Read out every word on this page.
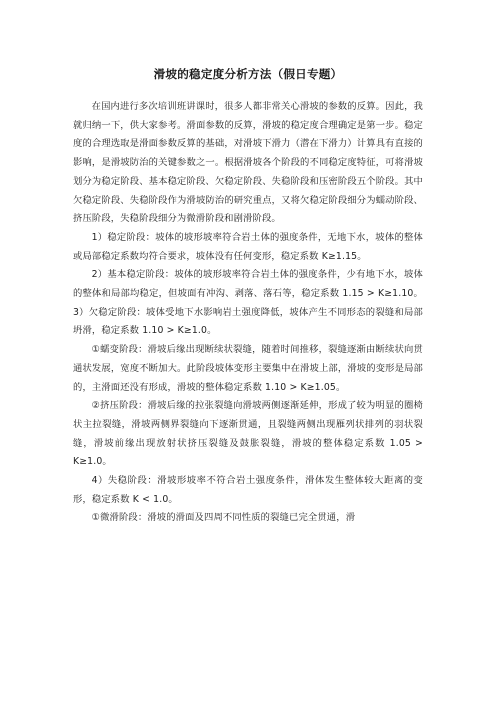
滑坡的稳定度分析方法（假日专题）

在国内进行多次培训班讲课时，很多人都非常关心滑坡的参数的反算。因此，我就归纳一下，供大家参考。滑面参数的反算，滑坡的稳定度合理确定是第一步。稳定度的合理选取是滑面参数反算的基础，对滑坡下滑力（潜在下滑力）计算具有直接的影响，是滑坡防治的关键参数之一。根据滑坡各个阶段的不同稳定度特征，可将滑坡划分为稳定阶段、基本稳定阶段、欠稳定阶段、失稳阶段和压密阶段五个阶段。其中欠稳定阶段、失稳阶段作为滑坡防治的研究重点，又将欠稳定阶段细分为蠕动阶段、挤压阶段，失稳阶段细分为微滑阶段和剧滑阶段。

1）稳定阶段：坡体的坡形坡率符合岩土体的强度条件，无地下水，坡体的整体或局部稳定系数均符合要求，坡体没有任何变形，稳定系数 K≥1.15。

2）基本稳定阶段：坡体的坡形坡率符合岩土体的强度条件，少有地下水，坡体的整体和局部均稳定，但坡面有冲沟、剥落、落石等，稳定系数 1.15 > K≥1.10。3）欠稳定阶段：坡体受地下水影响岩土强度降低，坡体产生不同形态的裂缝和局部坍滑，稳定系数 1.10 > K≥1.0。

①蠕变阶段：滑坡后缘出现断续状裂缝，随着时间推移，裂缝逐渐由断续状向贯通状发展，宽度不断加大。此阶段坡体变形主要集中在滑坡上部，滑坡的变形是局部的，主滑面还没有形成，滑坡的整体稳定系数 1.10 > K≥1.05。

②挤压阶段：滑坡后缘的拉张裂缝向滑坡两侧逐渐延伸，形成了较为明显的圈椅状主拉裂缝，滑坡两侧界裂缝向下逐渐贯通，且裂缝两侧出现雁列状排列的羽状裂缝，滑坡前缘出现放射状挤压裂缝及鼓胀裂缝，滑坡的整体稳定系数 1.05 > K≥1.0。

4）失稳阶段：滑坡形坡率不符合岩土强度条件，滑体发生整体较大距离的变形，稳定系数 K < 1.0。

①微滑阶段：滑坡的滑面及四周不同性质的裂缝已完全贯通，滑
